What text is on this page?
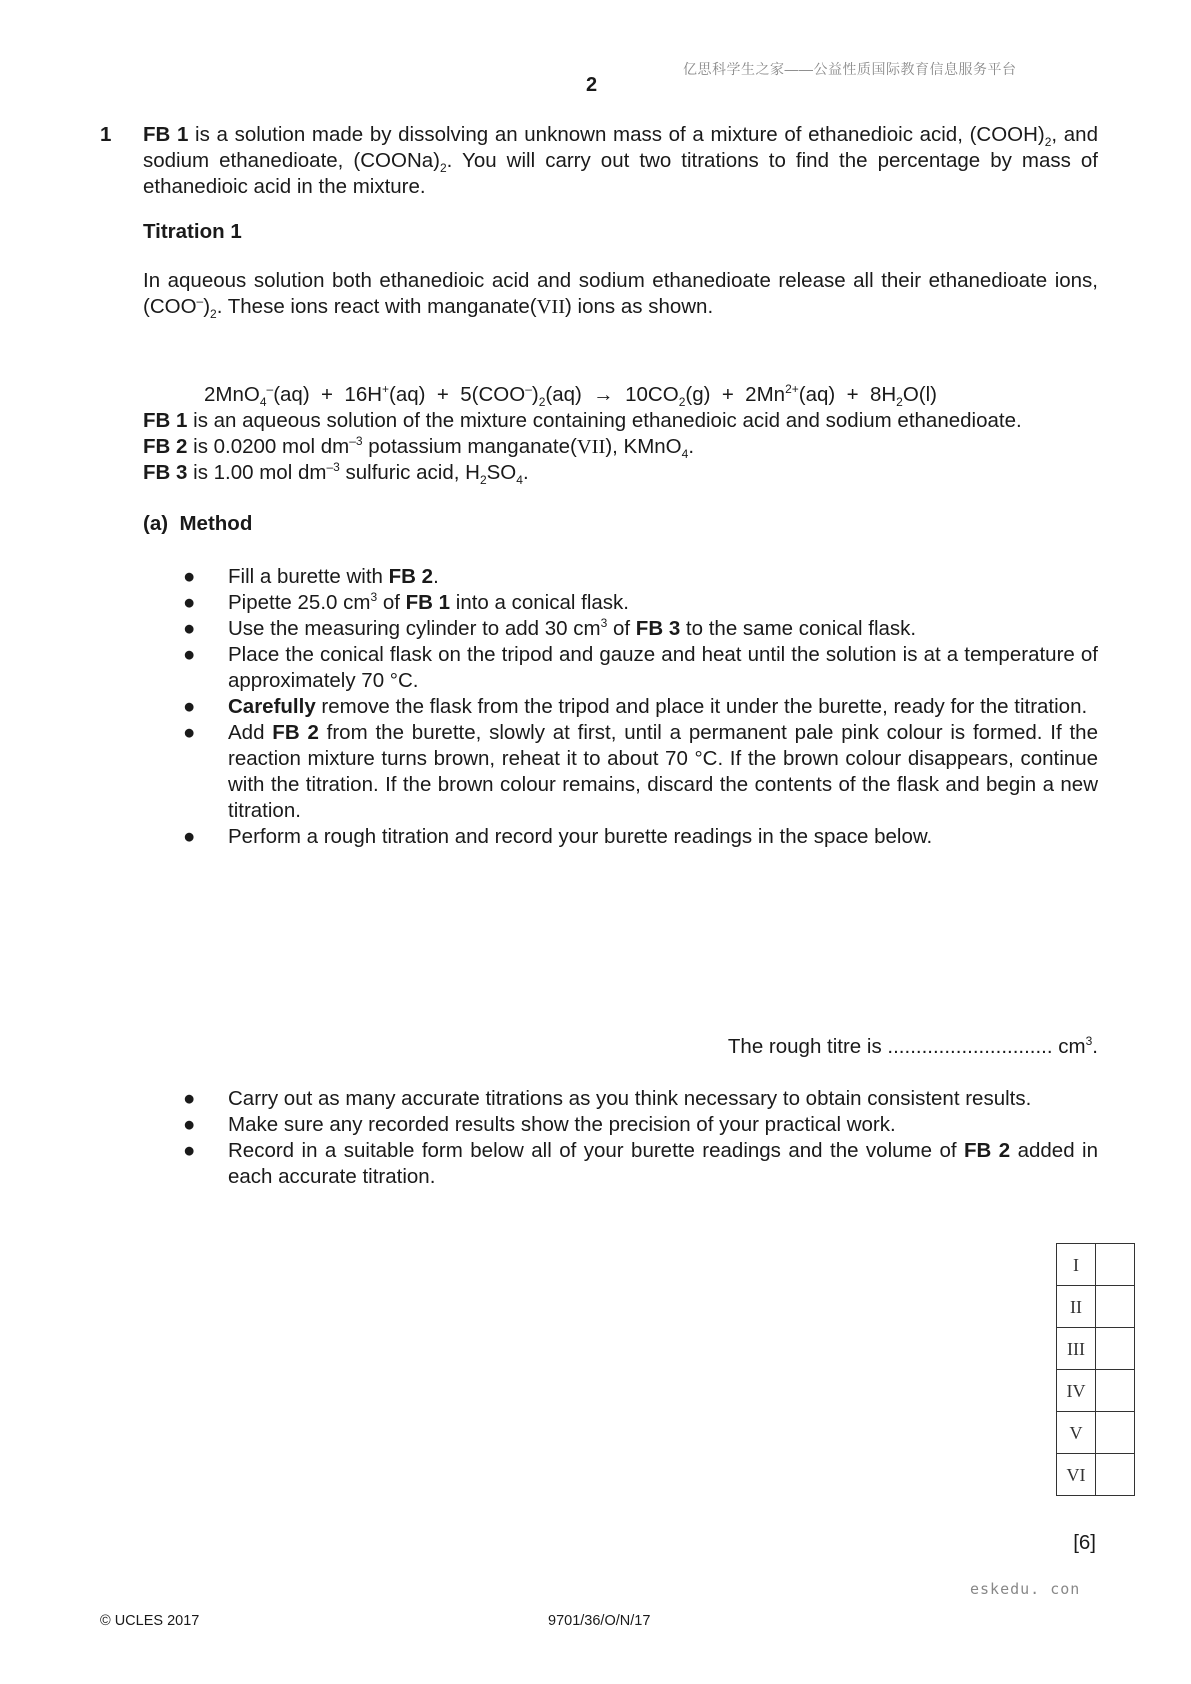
亿思科学生之家——公益性质国际教育信息服务平台
2
1 FB 1 is a solution made by dissolving an unknown mass of a mixture of ethanedioic acid, $(COOH)_2$, and sodium ethanedioate, $(COONa)_2$. You will carry out two titrations to find the percentage by mass of ethanedioic acid in the mixture.
Titration 1
In aqueous solution both ethanedioic acid and sodium ethanedioate release all their ethanedioate ions, $(COO^-)_2$. These ions react with manganate(VII) ions as shown.

$2MnO_4^-(aq) + 16H^+(aq) + 5(COO^-)_2(aq) \to 10CO_2(g) + 2Mn^{2+}(aq) + 8H_2O(l)$

FB 1 is an aqueous solution of the mixture containing ethanedioic acid and sodium ethanedioate.
FB 2 is 0.0200 mol $dm^{-3}$ potassium manganate(VII), KMnO$_4$.
FB 3 is 1.00 mol $dm^{-3}$ sulfuric acid, $H_2SO_4$.
(a) Method
● Fill a burette with FB 2.
● Pipette 25.0 $cm^3$ of FB 1 into a conical flask.
● Use the measuring cylinder to add 30 $cm^3$ of FB 3 to the same conical flask.
● Place the conical flask on the tripod and gauze and heat until the solution is at a temperature of approximately 70 °C.
● Carefully remove the flask from the tripod and place it under the burette, ready for the titration.
● Add FB 2 from the burette, slowly at first, until a permanent pale pink colour is formed. If the reaction mixture turns brown, reheat it to about 70 °C. If the brown colour disappears, continue with the titration. If the brown colour remains, discard the contents of the flask and begin a new titration.
● Perform a rough titration and record your burette readings in the space below.
The rough titre is ............................. $cm^3$.
● Carry out as many accurate titrations as you think necessary to obtain consistent results.
● Make sure any recorded results show the precision of your practical work.
● Record in a suitable form below all of your burette readings and the volume of FB 2 added in each accurate titration.
I	
II	
III	
IV	
V	
VI	
[6]
eskedu. con
© UCLES 2017	9701/36/O/N/17
